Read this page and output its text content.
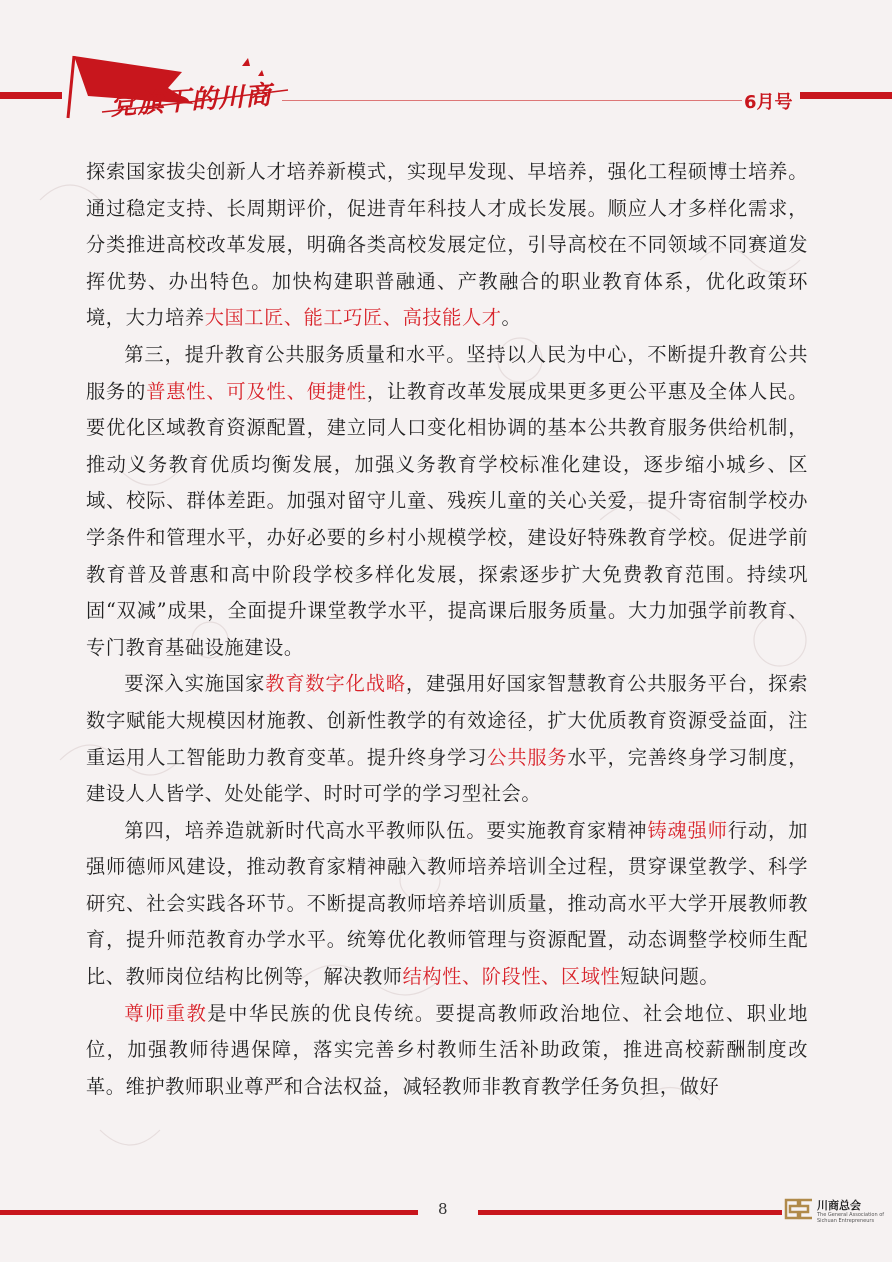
党旗下的川商	6月号

探索国家拔尖创新人才培养新模式，实现早发现、早培养，强化工程硕博士培养。通过稳定支持、长周期评价，促进青年科技人才成长发展。顺应人才多样化需求，分类推进高校改革发展，明确各类高校发展定位，引导高校在不同领域不同赛道发挥优势、办出特色。加快构建职普融通、产教融合的职业教育体系，优化政策环境，大力培养大国工匠、能工巧匠、高技能人才。

第三，提升教育公共服务质量和水平。坚持以人民为中心，不断提升教育公共服务的普惠性、可及性、便捷性，让教育改革发展成果更多更公平惠及全体人民。要优化区域教育资源配置，建立同人口变化相协调的基本公共教育服务供给机制，推动义务教育优质均衡发展，加强义务教育学校标准化建设，逐步缩小城乡、区域、校际、群体差距。加强对留守儿童、残疾儿童的关心关爱，提升寄宿制学校办学条件和管理水平，办好必要的乡村小规模学校，建设好特殊教育学校。促进学前教育普及普惠和高中阶段学校多样化发展，探索逐步扩大免费教育范围。持续巩固“双减”成果，全面提升课堂教学水平，提高课后服务质量。大力加强学前教育、专门教育基础设施建设。

要深入实施国家教育数字化战略，建强用好国家智慧教育公共服务平台，探索数字赋能大规模因材施教、创新性教学的有效途径，扩大优质教育资源受益面，注重运用人工智能助力教育变革。提升终身学习公共服务水平，完善终身学习制度，建设人人皆学、处处能学、时时可学的学习型社会。

第四，培养造就新时代高水平教师队伍。要实施教育家精神铸魂强师行动，加强师德师风建设，推动教育家精神融入教师培养培训全过程，贯穿课堂教学、科学研究、社会实践各环节。不断提高教师培养培训质量，推动高水平大学开展教师教育，提升师范教育办学水平。统筹优化教师管理与资源配置，动态调整学校师生配比、教师岗位结构比例等，解决教师结构性、阶段性、区域性短缺问题。

尊师重教是中华民族的优良传统。要提高教师政治地位、社会地位、职业地位，加强教师待遇保障，落实完善乡村教师生活补助政策，推进高校薪酬制度改革。维护教师职业尊严和合法权益，减轻教师非教育教学任务负担，做好

8	川商总会
The General Association of Sichuan Entrepreneurs
